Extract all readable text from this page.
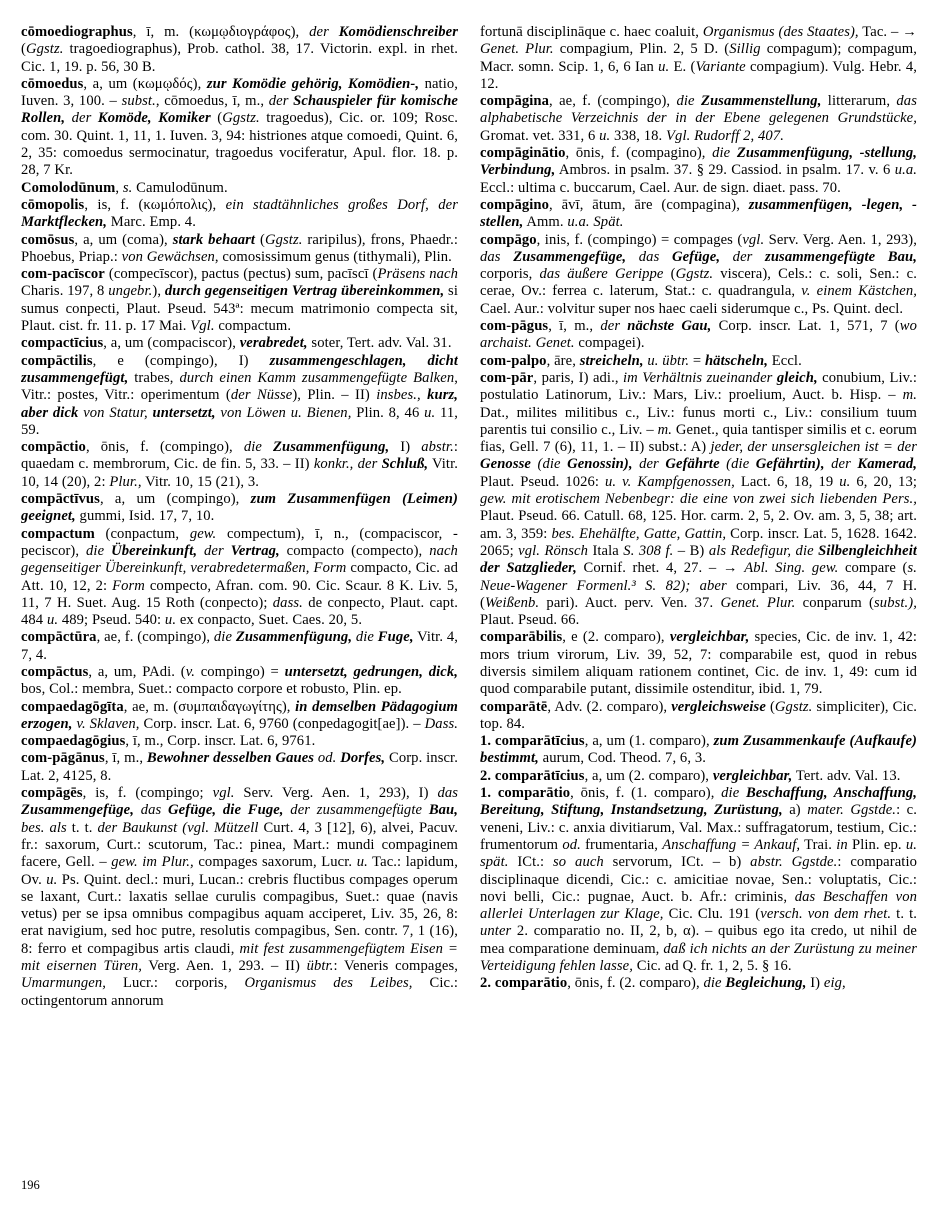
cōmoediographus, ī, m. (κωμῳδιογράφος), der Komödienschreiber (Ggstz. tragoediographus), Prob. cathol. 38, 17. Victorin. expl. in rhet. Cic. 1, 19. p. 56, 30 B.

cōmoedus, a, um (κωμῳδός), zur Komödie gehörig, Komödien-, natio, Iuven. 3, 100. – subst., cōmoedus, ī, m., der Schauspieler für komische Rollen, der Komöde, Komiker (Ggstz. tragoedus), Cic. or. 109; Rosc. com. 30. Quint. 1, 11, 1. Iuven. 3, 94: histriones atque comoedi, Quint. 6, 2, 35: comoedus sermocinatur, tragoedus vociferatur, Apul. flor. 18. p. 28, 7 Kr.

Comolodūnum, s. Camulodūnum.

cōmopolis, is, f. (κωμόπολις), ein stadtähnliches großes Dorf, der Marktflecken, Marc. Emp. 4.

comōsus, a, um (coma), stark behaart (Ggstz. raripilus), frons, Phaedr.: Phoebus, Priap.: von Gewächsen, comosissimum genus (tithymali), Plin.

com-pacīscor (compecīscor), pactus (pectus) sum, pacīscī (Präsens nach Charis. 197, 8 ungebr.), durch gegenseitigen Vertrag übereinkommen, si sumus conpecti, Plaut. Pseud. 543ª: mecum matrimonio compecta sit, Plaut. cist. fr. 11. p. 17 Mai. Vgl. compactum.

compactīcius, a, um (compaciscor), verabredet, soter, Tert. adv. Val. 31.

compāctilis, e (compingo), I) zusammengeschlagen, dicht zusammengefügt, trabes, durch einen Kamm zusammengefügte Balken, Vitr.: postes, Vitr.: operimentum (der Nüsse), Plin. – II) insbes., kurz, aber dick von Statur, untersetzt, von Löwen u. Bienen, Plin. 8, 46 u. 11, 59.

compāctio, ōnis, f. (compingo), die Zusammenfügung, I) abstr.: quaedam c. membrorum, Cic. de fin. 5, 33. – II) konkr., der Schluß, Vitr. 10, 14 (20), 2: Plur., Vitr. 10, 15 (21), 3.

compāctīvus, a, um (compingo), zum Zusammenfügen (Leimen) geeignet, gummi, Isid. 17, 7, 10.

compactum (conpactum, gew. compectum), ī, n., (compaciscor, -peciscor), die Übereinkunft, der Vertrag, compacto (compecto), nach gegenseitiger Übereinkunft, verabredetermaßen, Form compacto, Cic. ad Att. 10, 12, 2: Form compecto, Afran. com. 90. Cic. Scaur. 8 K. Liv. 5, 11, 7 H. Suet. Aug. 15 Roth (conpecto); dass. de conpecto, Plaut. capt. 484 u. 489; Pseud. 540: u. ex conpacto, Suet. Caes. 20, 5.

compāctūra, ae, f. (compingo), die Zusammenfügung, die Fuge, Vitr. 4, 7, 4.

compāctus, a, um, PAdi. (v. compingo) = untersetzt, gedrungen, dick, bos, Col.: membra, Suet.: compacto corpore et robusto, Plin. ep.

compaedagōgīta, ae, m. (συμπαιδαγωγίτης), in demselben Pädagogium erzogen, v. Sklaven, Corp. inscr. Lat. 6, 9760 (conpedagogit[ae]). – Dass. compaedagōgius, ī, m., Corp. inscr. Lat. 6, 9761.

com-pāgānus, ī, m., Bewohner desselben Gaues od. Dorfes, Corp. inscr. Lat. 2, 4125, 8.

compāgēs, is, f. (compingo; vgl. Serv. Verg. Aen. 1, 293), I) das Zusammengefüge, das Gefüge, die Fuge, der zusammengefügte Bau, bes. als t. t. der Baukunst (vgl. Mützell Curt. 4, 3 [12], 6), alvei, Pacuv. fr.: saxorum, Curt.: scutorum, Tac.: pinea, Mart.: mundi compaginem facere, Gell. – gew. im Plur., compages saxorum, Lucr. u. Tac.: lapidum, Ov. u. Ps. Quint. decl.: muri, Lucan.: crebris fluctibus compages operum se laxant, Curt.: laxatis sellae curulis compagibus, Suet.: quae (navis vetus) per se ipsa omnibus compagibus aquam acciperet, Liv. 35, 26, 8: erat navigium, sed hoc putre, resolutis compagibus, Sen. contr. 7, 1 (16), 8: ferro et compagibus artis claudi, mit fest zusammengefügtem Eisen = mit eisernen Türen, Verg. Aen. 1, 293. – II) übtr.: Veneris compages, Umarmungen, Lucr.: corporis, Organismus des Leibes, Cic.: octingentorum annorum

fortunā disciplināque c. haec coaluit, Organismus (des Staates), Tac. – → Genet. Plur. compagium, Plin. 2, 5 D. (Sillig compagum); compagum, Macr. somn. Scip. 1, 6, 6 Ian u. E. (Variante compagium). Vulg. Hebr. 4, 12.

compāgina, ae, f. (compingo), die Zusammenstellung, litterarum, das alphabetische Verzeichnis der in der Ebene gelegenen Grundstücke, Gromat. vet. 331, 6 u. 338, 18. Vgl. Rudorff 2, 407.

compāginātio, ōnis, f. (compagino), die Zusammenfügung, -stellung, Verbindung, Ambros. in psalm. 37. § 29. Cassiod. in psalm. 17. v. 6 u.a. Eccl.: ultima c. buccarum, Cael. Aur. de sign. diaet. pass. 70.

compāgino, āvī, ātum, āre (compagina), zusammenfügen, -legen, -stellen, Amm. u.a. Spät.

compāgo, inis, f. (compingo) = compages (vgl. Serv. Verg. Aen. 1, 293), das Zusammengefüge, das Gefüge, der zusammengefügte Bau, corporis, das äußere Gerippe (Ggstz. viscera), Cels.: c. soli, Sen.: c. cerae, Ov.: ferrea c. laterum, Stat.: c. quadrangula, v. einem Kästchen, Cael. Aur.: volvitur super nos haec caeli siderumque c., Ps. Quint. decl.

com-pāgus, ī, m., der nächste Gau, Corp. inscr. Lat. 1, 571, 7 (wo archaist. Genet. compagei).

com-palpo, āre, streicheln, u. übtr. = hätscheln, Eccl.

com-pār, paris, I) adi., im Verhältnis zueinander gleich, conubium, Liv.: postulatio Latinorum, Liv.: Mars, Liv.: proelium, Auct. b. Hisp. – m. Dat., milites militibus c., Liv.: funus morti c., Liv.: consilium tuum parentis tui consilio c., Liv. – m. Genet., quia tantisper similis et c. eorum fias, Gell. 7 (6), 11, 1. – II) subst.: A) jeder, der unsersgleichen ist = der Genosse (die Genossin), der Gefährte (die Gefährtin), der Kamerad, Plaut. Pseud. 1026: u. v. Kampfgenossen, Lact. 6, 18, 19 u. 6, 20, 13; gew. mit erotischem Nebenbegr: die eine von zwei sich liebenden Pers., Plaut. Pseud. 66. Catull. 68, 125. Hor. carm. 2, 5, 2. Ov. am. 3, 5, 38; art. am. 3, 359: bes. Ehehälfte, Gatte, Gattin, Corp. inscr. Lat. 5, 1628. 1642. 2065; vgl. Rönsch Itala S. 308 f. – B) als Redefigur, die Silbengleichheit der Satzglieder, Cornif. rhet. 4, 27. – → Abl. Sing. gew. compare (s. Neue-Wagener Formenl.³ S. 82); aber compari, Liv. 36, 44, 7 H. (Weißenb. pari). Auct. perv. Ven. 37. Genet. Plur. conparum (subst.), Plaut. Pseud. 66.

comparābilis, e (2. comparo), vergleichbar, species, Cic. de inv. 1, 42: mors trium virorum, Liv. 39, 52, 7: comparabile est, quod in rebus diversis similem aliquam rationem continet, Cic. de inv. 1, 49: cum id quod comparabile putant, dissimile ostenditur, ibid. 1, 79.

comparātē, Adv. (2. comparo), vergleichsweise (Ggstz. simpliciter), Cic. top. 84.

1. comparātīcius, a, um (1. comparo), zum Zusammenkaufe (Aufkaufe) bestimmt, aurum, Cod. Theod. 7, 6, 3.

2. comparātīcius, a, um (2. comparo), vergleichbar, Tert. adv. Val. 13.

1. comparātio, ōnis, f. (1. comparo), die Beschaffung, Anschaffung, Bereitung, Stiftung, Instandsetzung, Zurüstung, a) mater. Ggstde.: c. veneni, Liv.: c. anxia divitiarum, Val. Max.: suffragatorum, testium, Cic.: frumentorum od. frumentaria, Anschaffung = Ankauf, Trai. in Plin. ep. u. spät. ICt.: so auch servorum, ICt. – b) abstr. Ggstde.: comparatio disciplinaque dicendi, Cic.: c. amicitiae novae, Sen.: voluptatis, Cic.: novi belli, Cic.: pugnae, Auct. b. Afr.: criminis, das Beschaffen von allerlei Unterlagen zur Klage, Cic. Clu. 191 (versch. von dem rhet. t. t. unter 2. comparatio no. II, 2, b, α). – quibus ego ita credo, ut nihil de mea comparatione deminuam, daß ich nichts an der Zurüstung zu meiner Verteidigung fehlen lasse, Cic. ad Q. fr. 1, 2, 5. § 16.

2. comparātio, ōnis, f. (2. comparo), die Begleichung, I) eig,

196
